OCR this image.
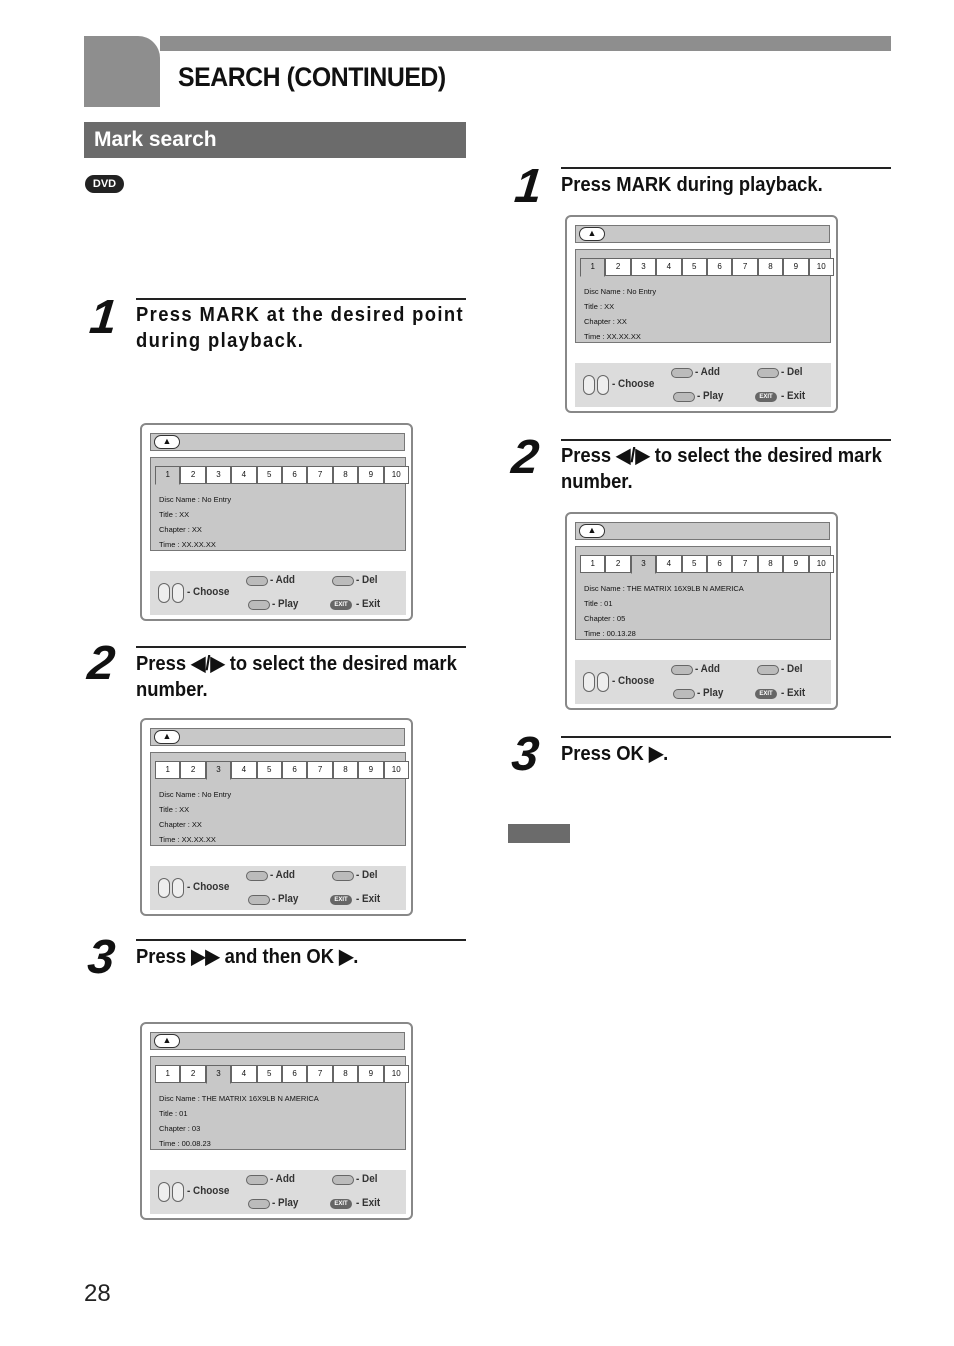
SEARCH (CONTINUED)
Mark search
DVD
1 Press MARK at the desired point during playback.
2 Press ◀/▶ to select the desired mark number.
3 Press ▶▶ and then OK ▶.
1 Press MARK during playback.
2 Press ◀/▶ to select the desired mark number.
3 Press OK ▶.
▲
1	2	3	4	5	6	7	8	9	10
Disc Name : No Entry
Title : XX
Chapter : XX
Time : XX.XX.XX
- Choose
- Add	- Del
- Play	EXIT - Exit
▲
1	2	3	4	5	6	7	8	9	10
Disc Name : No Entry
Title : XX
Chapter : XX
Time : XX.XX.XX
- Choose
- Add	- Del
- Play	EXIT - Exit
▲
1	2	3	4	5	6	7	8	9	10
Disc Name : THE MATRIX 16X9LB N AMERICA
Title : 01
Chapter : 03
Time : 00.08.23
- Choose
- Add	- Del
- Play	EXIT - Exit
▲
1	2	3	4	5	6	7	8	9	10
Disc Name : No Entry
Title : XX
Chapter : XX
Time : XX.XX.XX
- Choose
- Add	- Del
- Play	EXIT - Exit
▲
1	2	3	4	5	6	7	8	9	10
Disc Name : THE MATRIX 16X9LB N AMERICA
Title : 01
Chapter : 05
Time : 00.13.28
- Choose
- Add	- Del
- Play	EXIT - Exit
28
